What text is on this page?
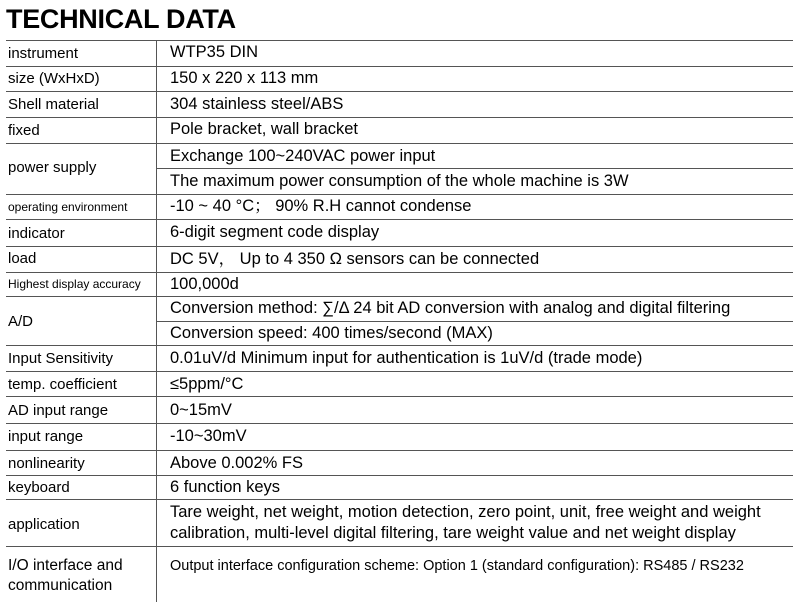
TECHNICAL DATA
instrument
size (WxHxD)
Shell material
fixed
power supply
operating environment
indicator
load
Highest display accuracy
A/D
Input Sensitivity
temp. coefficient
AD input range
input range
nonlinearity
keyboard
application
I/O interface and
communication
WTP35 DIN
150 x 220 x 113 mm
304 stainless steel/ABS
Pole bracket, wall bracket
Exchange 100~240VAC power input
The maximum power consumption of the whole machine is 3W
-10 ~ 40 °C； 90% R.H cannot condense
6-digit segment code display
DC 5V， Up to 4 350 Ω sensors can be connected
100,000d
Conversion method: ∑/Δ 24 bit AD conversion with analog and digital filtering
Conversion speed: 400 times/second (MAX)
0.01uV/d Minimum input for authentication is 1uV/d (trade mode)
≤5ppm/°C
0~15mV
-10~30mV
Above 0.002% FS
6 function keys
Tare weight, net weight, motion detection, zero point, unit, free weight and weight
calibration, multi-level digital filtering, tare weight value and net weight display
Output interface configuration scheme: Option 1 (standard configuration): RS485 / RS232
